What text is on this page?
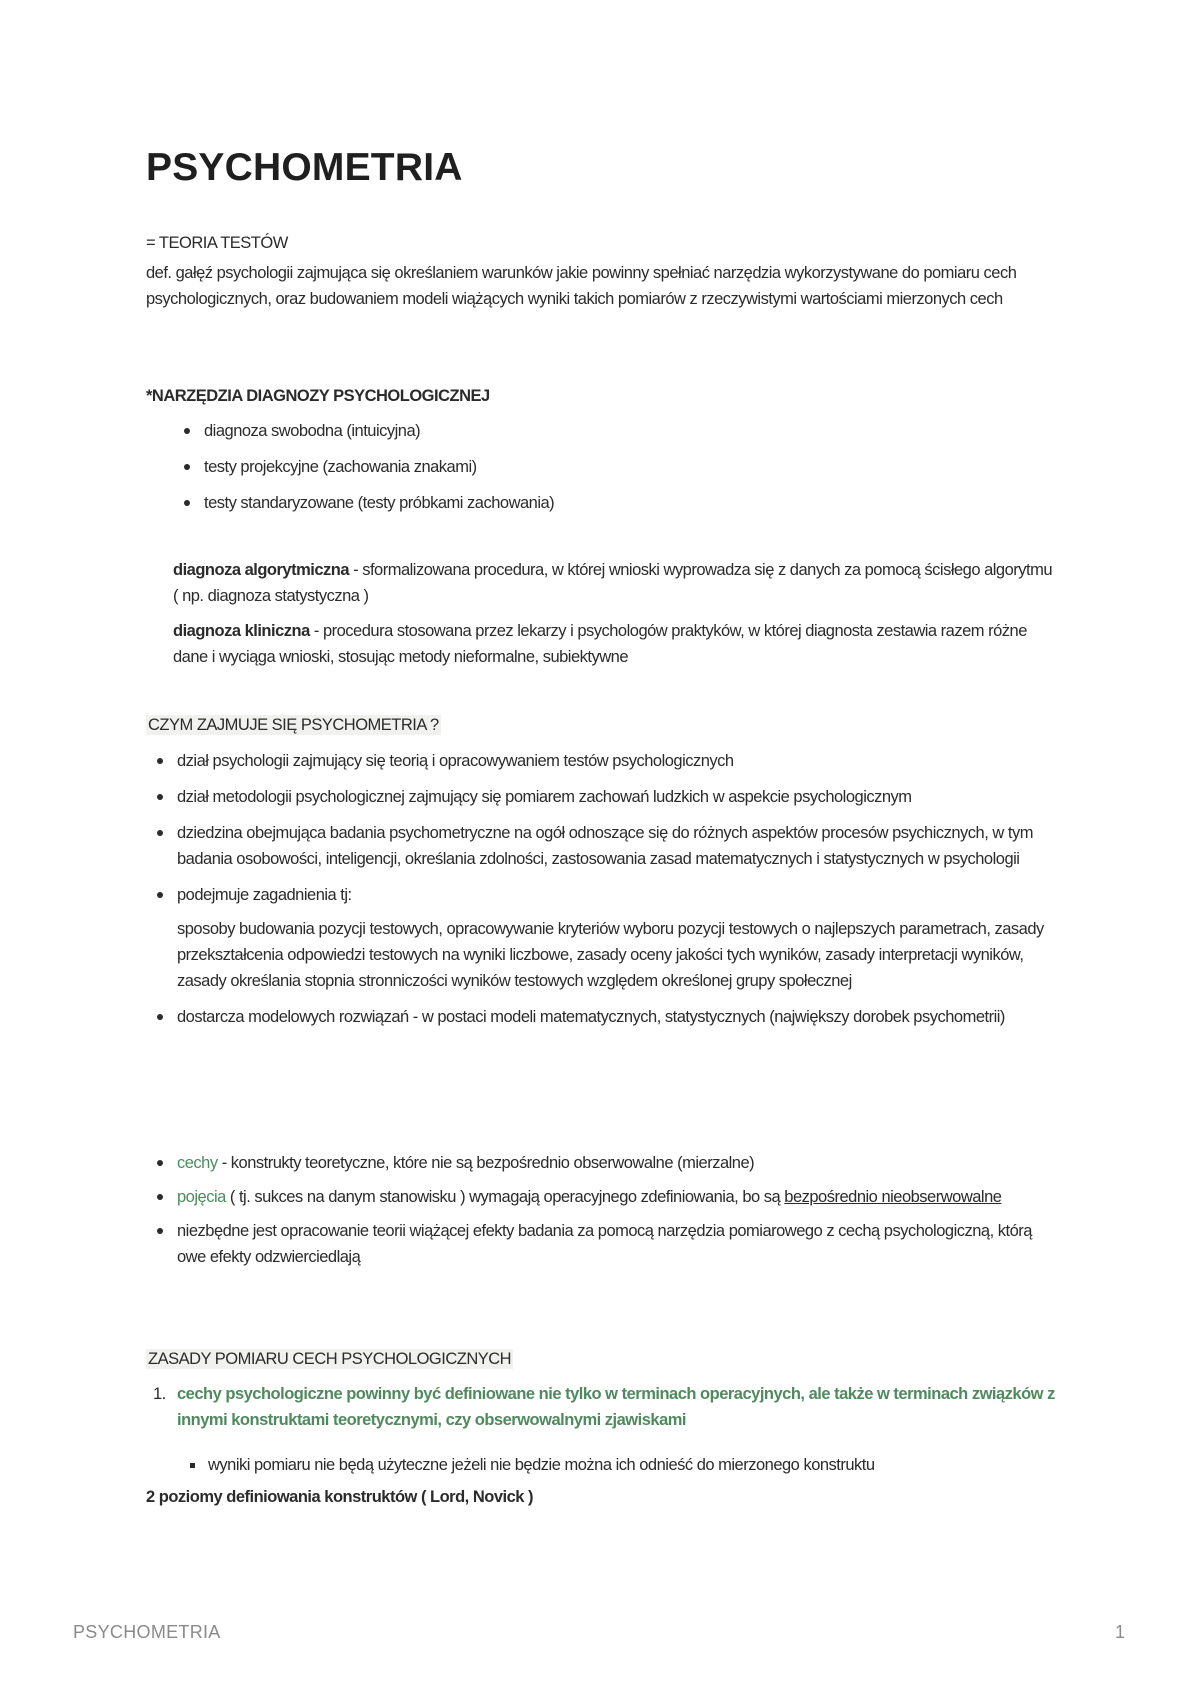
PSYCHOMETRIA

= TEORIA TESTÓW

def. gałęź psychologii zajmująca się określaniem warunków jakie powinny spełniać narzędzia wykorzystywane do pomiaru cech psychologicznych, oraz budowaniem modeli wiążących wyniki takich pomiarów z rzeczywistymi wartościami mierzonych cech

*NARZĘDZIA DIAGNOZY PSYCHOLOGICZNEJ

diagnoza swobodna (intuicyjna)
testy projekcyjne (zachowania znakami)
testy standaryzowane (testy próbkami zachowania)

diagnoza algorytmiczna - sformalizowana procedura, w której wnioski wyprowadza się z danych za pomocą ścisłego algorytmu ( np. diagnoza statystyczna )

diagnoza kliniczna - procedura stosowana przez lekarzy i psychologów praktyków, w której diagnosta zestawia razem różne dane i wyciąga wnioski, stosując metody nieformalne, subiektywne

CZYM ZAJMUJE SIĘ PSYCHOMETRIA ?

dział psychologii zajmujący się teorią i opracowywaniem testów psychologicznych
dział metodologii psychologicznej zajmujący się pomiarem zachowań ludzkich w aspekcie psychologicznym
dziedzina obejmująca badania psychometryczne na ogół odnoszące się do różnych aspektów procesów psychicznych, w tym badania osobowości, inteligencji, określania zdolności, zastosowania zasad matematycznych i statystycznych w psychologii
podejmuje zagadnienia tj:
sposoby budowania pozycji testowych, opracowywanie kryteriów wyboru pozycji testowych o najlepszych parametrach, zasady przekształcenia odpowiedzi testowych na wyniki liczbowe, zasady oceny jakości tych wyników, zasady interpretacji wyników, zasady określania stopnia stronniczości wyników testowych względem określonej grupy społecznej
dostarcza modelowych rozwiązań - w postaci modeli matematycznych, statystycznych (największy dorobek psychometrii)
cechy - konstrukty teoretyczne, które nie są bezpośrednio obserwowalne (mierzalne)
pojęcia ( tj. sukces na danym stanowisku ) wymagają operacyjnego zdefiniowania, bo są bezpośrednio nieobserwowalne
niezbędne jest opracowanie teorii wiążącej efekty badania za pomocą narzędzia pomiarowego z cechą psychologiczną, którą owe efekty odzwierciedlają

ZASADY POMIARU CECH PSYCHOLOGICZNYCH

1. cechy psychologiczne powinny być definiowane nie tylko w terminach operacyjnych, ale także w terminach związków z innymi konstruktami teoretycznymi, czy obserwowalnymi zjawiskami
wyniki pomiaru nie będą użyteczne jeżeli nie będzie można ich odnieść do mierzonego konstruktu

2 poziomy definiowania konstruktów ( Lord, Novick )

PSYCHOMETRIA	1
